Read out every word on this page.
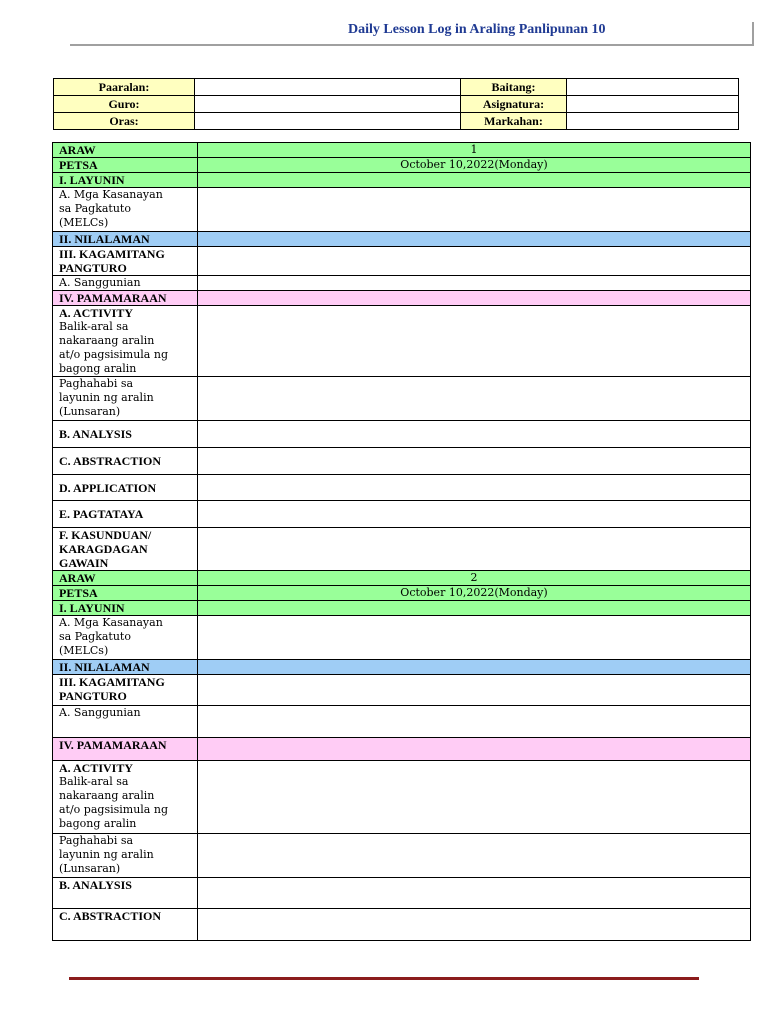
Daily Lesson Log in Araling Panlipunan 10
Paaralan:		Baitang:	
Guro:		Asignatura:	
Oras:		Markahan:	
ARAW	1
PETSA	October 10,2022(Monday)
I. LAYUNIN	

A. Mga Kasanayan
sa Pagkatuto
(MELCs)	

II. NILALAMAN	

III. KAGAMITANG
PANGTURO	

A. Sanggunian	
IV. PAMAMARAAN	

A. ACTIVITY
Balik-aral sa
nakaraang aralin
at/o pagsisimula ng
bagong aralin	

Paghahabi sa
layunin ng aralin
(Lunsaran)	

B. ANALYSIS	
C. ABSTRACTION	
D. APPLICATION	
E. PAGTATAYA	

F. KASUNDUAN/
KARAGDAGAN
GAWAIN	

ARAW	2
PETSA	October 10,2022(Monday)
I. LAYUNIN	

A. Mga Kasanayan
sa Pagkatuto
(MELCs)	

II. NILALAMAN	

III. KAGAMITANG
PANGTURO	

A. Sanggunian	
IV. PAMAMARAAN	

A. ACTIVITY
Balik-aral sa
nakaraang aralin
at/o pagsisimula ng
bagong aralin	

Paghahabi sa
layunin ng aralin
(Lunsaran)	

B. ANALYSIS	
C. ABSTRACTION	
